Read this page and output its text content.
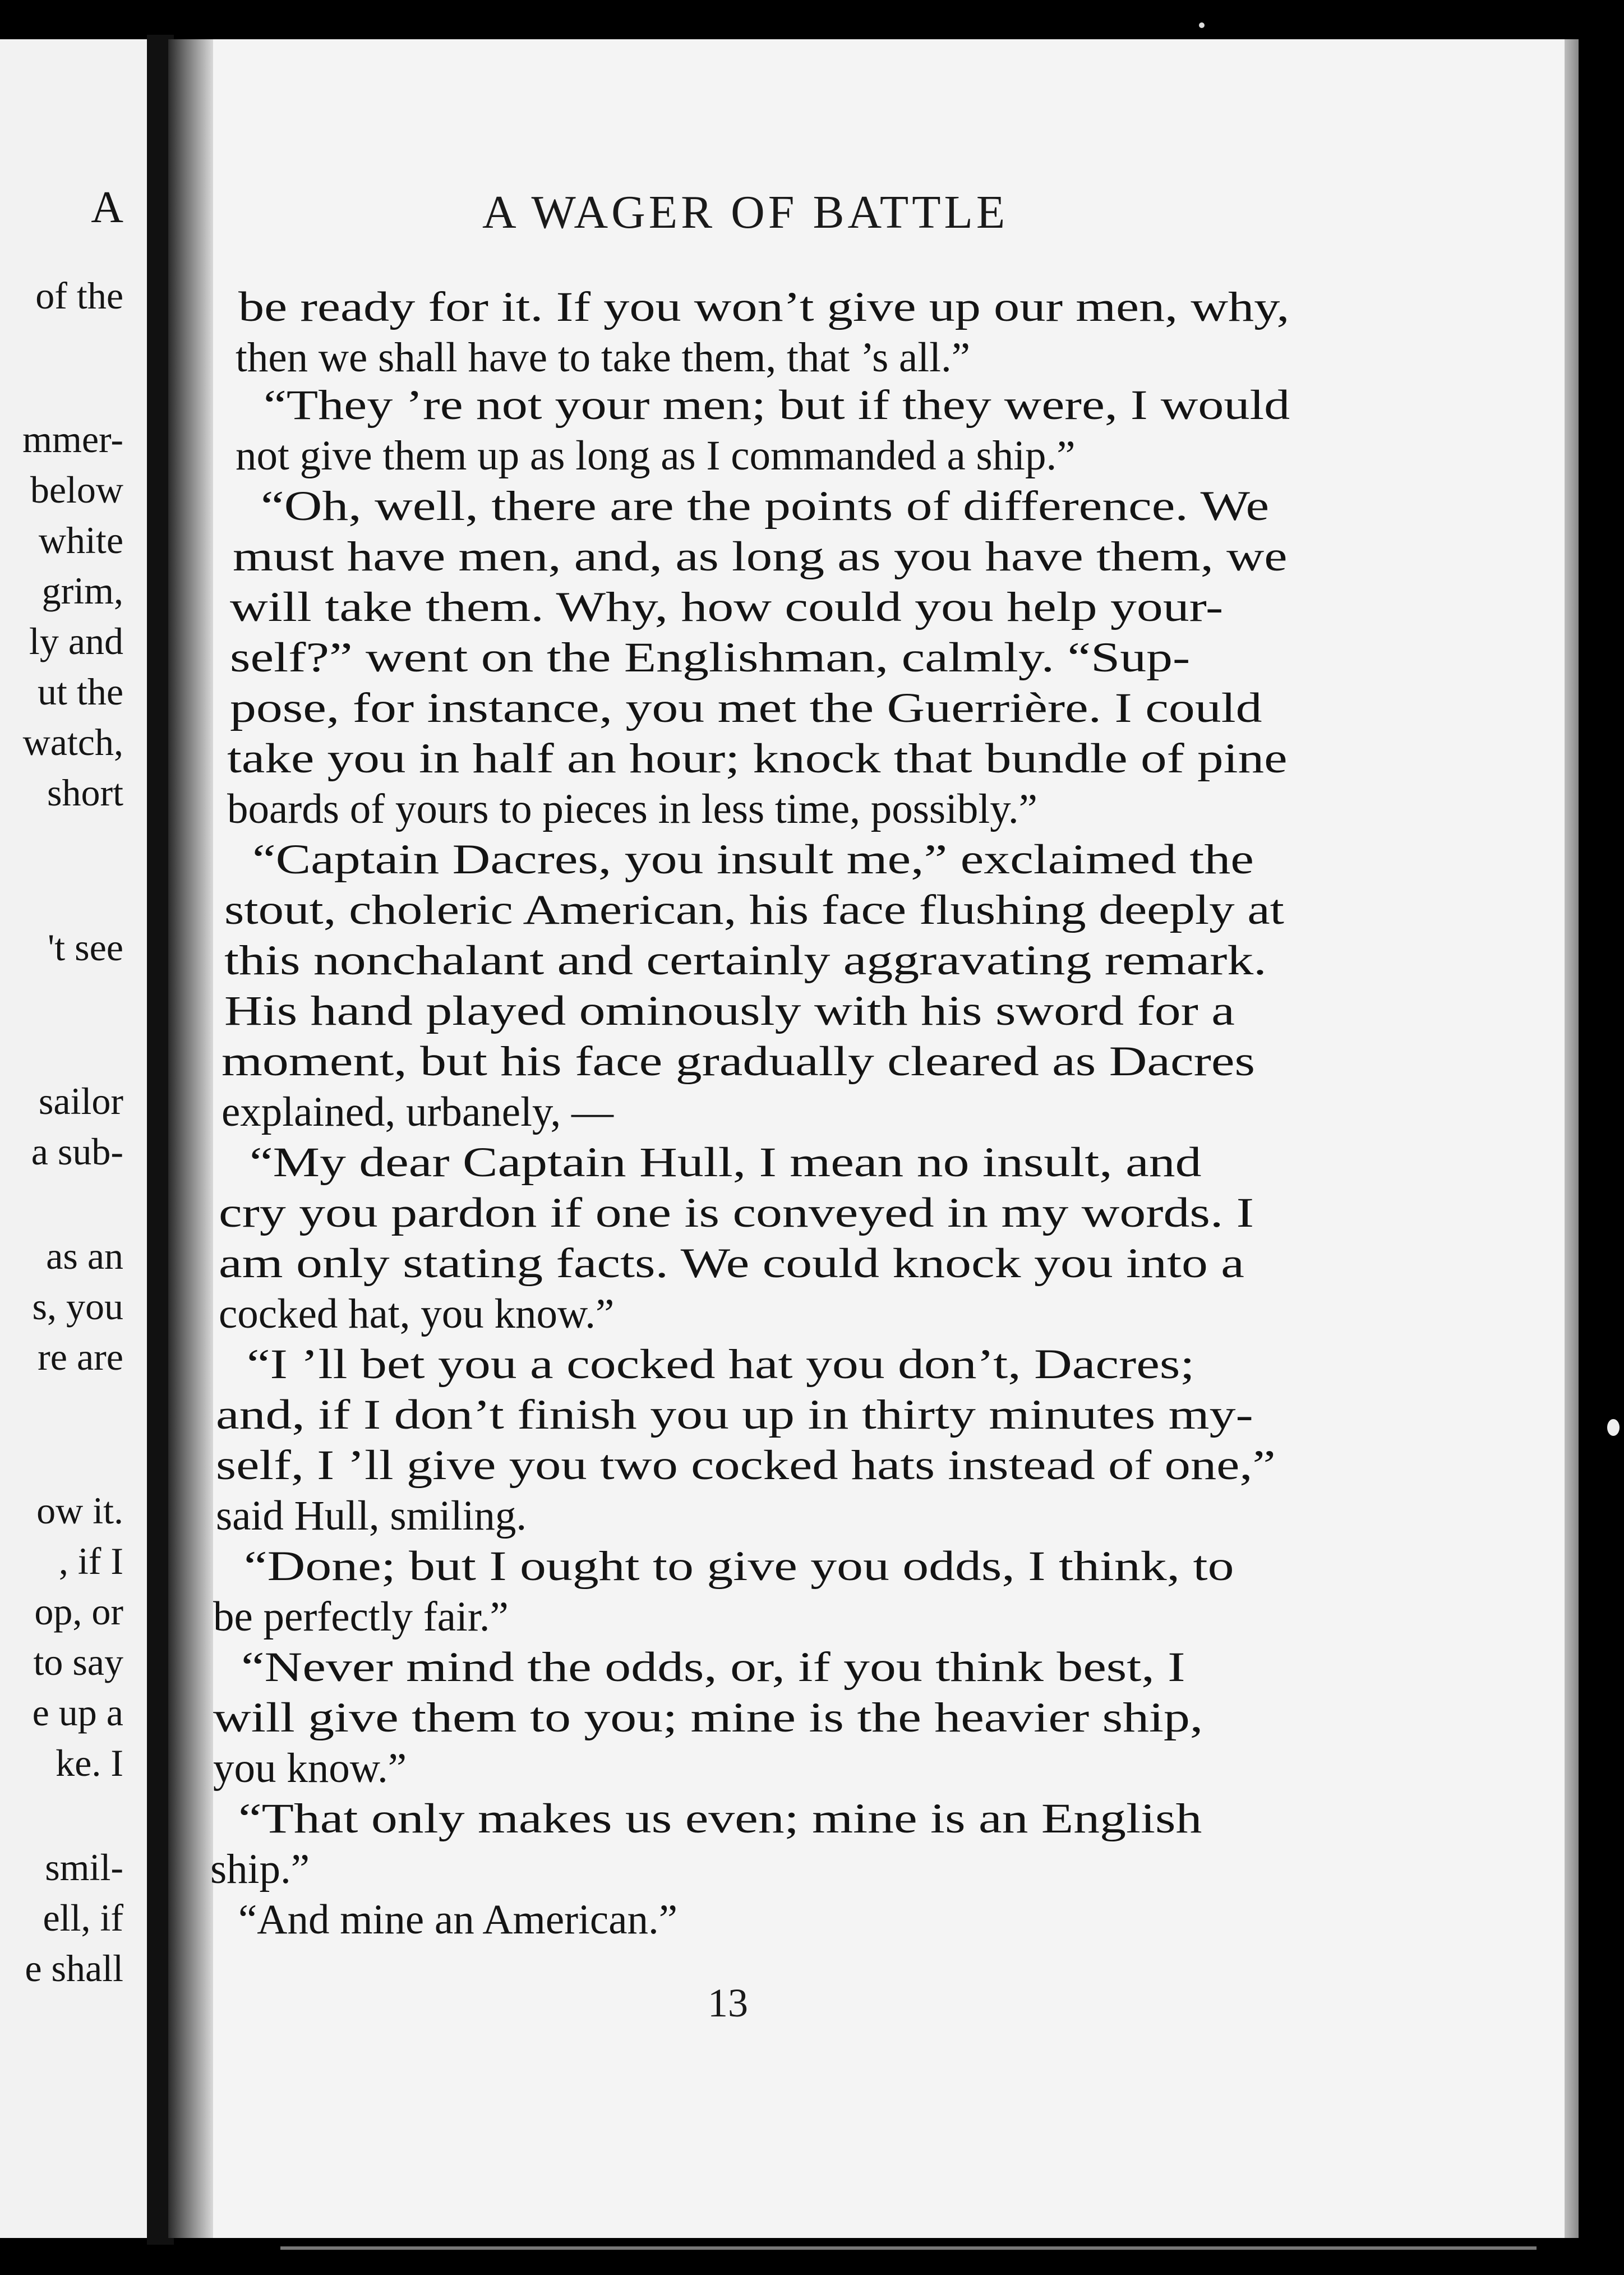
A
of the
mmer-
below
white
grim,
ly and
ut the
watch,
short
't see
sailor
a sub-
as an
s, you
re are
ow it.
, if I
op, or
to say
e up a
ke. I
smil-
ell, if
e shall
A WAGER OF BATTLE
be ready for it. If you won’t give up our men, why,
then we shall have to take them, that ’s all.”
“They ’re not your men; but if they were, I would
not give them up as long as I commanded a ship.”
“Oh, well, there are the points of difference. We
must have men, and, as long as you have them, we
will take them. Why, how could you help your-
self?” went on the Englishman, calmly. “Sup-
pose, for instance, you met the Guerrière. I could
take you in half an hour; knock that bundle of pine
boards of yours to pieces in less time, possibly.”
“Captain Dacres, you insult me,” exclaimed the
stout, choleric American, his face flushing deeply at
this nonchalant and certainly aggravating remark.
His hand played ominously with his sword for a
moment, but his face gradually cleared as Dacres
explained, urbanely, —
“My dear Captain Hull, I mean no insult, and
cry you pardon if one is conveyed in my words. I
am only stating facts. We could knock you into a
cocked hat, you know.”
“I ’ll bet you a cocked hat you don’t, Dacres;
and, if I don’t finish you up in thirty minutes my-
self, I ’ll give you two cocked hats instead of one,”
said Hull, smiling.
“Done; but I ought to give you odds, I think, to
be perfectly fair.”
“Never mind the odds, or, if you think best, I
will give them to you; mine is the heavier ship,
you know.”
“That only makes us even; mine is an English
ship.”
“And mine an American.”
13
